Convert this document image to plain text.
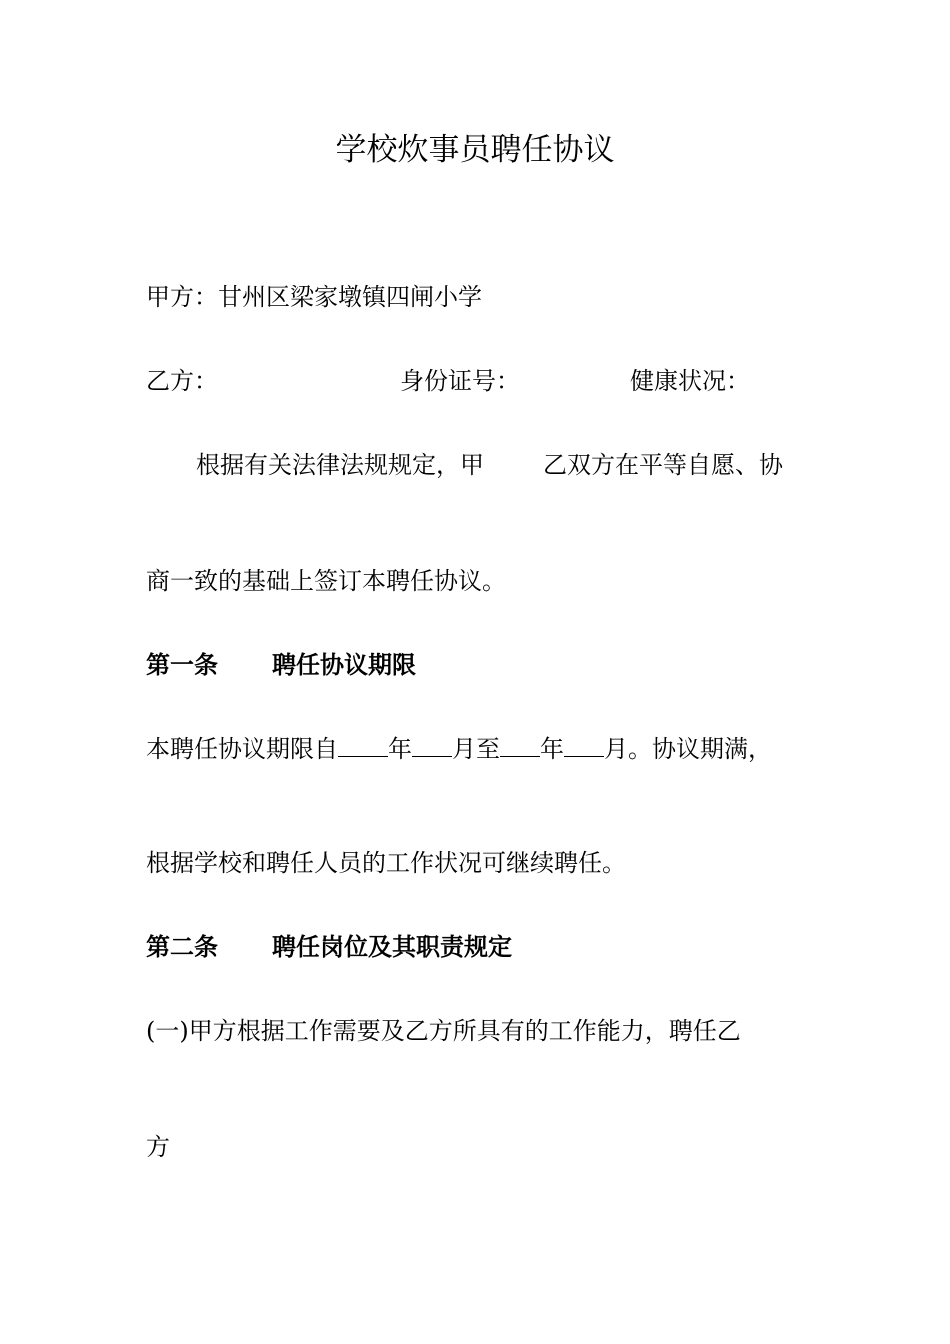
学校炊事员聘任协议
甲方：甘州区梁家墩镇四闸小学
乙方：	身份证号：	健康状况：
根据有关法律法规规定，甲 乙双方在平等自愿、协
商一致的基础上签订本聘任协议。
第一条 聘任协议期限
本聘任协议期限自 年 月至 年 月。协议期满，
根据学校和聘任人员的工作状况可继续聘任。
第二条 聘任岗位及其职责规定
(一)甲方根据工作需要及乙方所具有的工作能力，聘任乙
方
